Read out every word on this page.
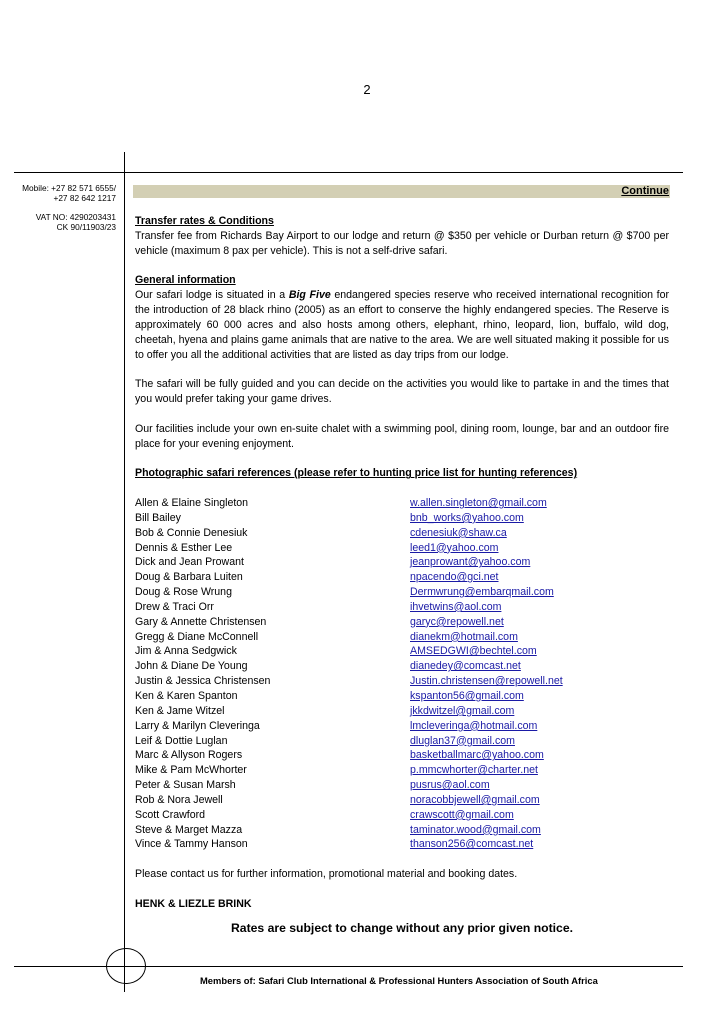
2
Mobile: +27 82 571 6555/
+27 82 642 1217
VAT NO: 4290203431
CK 90/11903/23
Continue
Transfer rates & Conditions

Transfer fee from Richards Bay Airport to our lodge and return @ $350 per vehicle or Durban return @ $700 per vehicle (maximum 8 pax per vehicle). This is not a self-drive safari.

General information

Our safari lodge is situated in a Big Five endangered species reserve who received international recognition for the introduction of 28 black rhino (2005) as an effort to conserve the highly endangered species. The Reserve is approximately 60 000 acres and also hosts among others, elephant, rhino, leopard, lion, buffalo, wild dog, cheetah, hyena and plains game animals that are native to the area. We are well situated making it possible for us to offer you all the additional activities that are listed as day trips from our lodge.

The safari will be fully guided and you can decide on the activities you would like to partake in and the times that you would prefer taking your game drives.

Our facilities include your own en-suite chalet with a swimming pool, dining room, lounge, bar and an outdoor fire place for your evening enjoyment.

Photographic safari references (please refer to hunting price list for hunting references)
Allen & Elaine Singleton	w.allen.singleton@gmail.com
Bill Bailey	bnb_works@yahoo.com
Bob & Connie Denesiuk	cdenesiuk@shaw.ca
Dennis & Esther Lee	leed1@yahoo.com
Dick and Jean Prowant	jeanprowant@yahoo.com
Doug & Barbara Luiten	npacendo@gci.net
Doug & Rose Wrung	Dermwrung@embarqmail.com
Drew & Traci Orr	ihvetwins@aol.com
Gary & Annette Christensen	garyc@repowell.net
Gregg & Diane McConnell	dianekm@hotmail.com
Jim & Anna Sedgwick	AMSEDGWI@bechtel.com
John & Diane De Young	dianedey@comcast.net
Justin & Jessica Christensen	Justin.christensen@repowell.net
Ken & Karen Spanton	kspanton56@gmail.com
Ken & Jame Witzel	jkkdwitzel@gmail.com
Larry & Marilyn Cleveringa	lmcleveringa@hotmail.com
Leif & Dottie Luglan	dluglan37@gmail.com
Marc & Allyson Rogers	basketballmarc@yahoo.com
Mike & Pam McWhorter	p.mmcwhorter@charter.net
Peter & Susan Marsh	pusrus@aol.com
Rob & Nora Jewell	noracobbjewell@gmail.com
Scott Crawford	crawscott@gmail.com
Steve & Marget Mazza	taminator.wood@gmail.com
Vince & Tammy Hanson	thanson256@comcast.net

Please contact us for further information, promotional material and booking dates.

HENK & LIEZLE BRINK
Rates are subject to change without any prior given notice.
Members of: Safari Club International & Professional Hunters Association of South Africa
